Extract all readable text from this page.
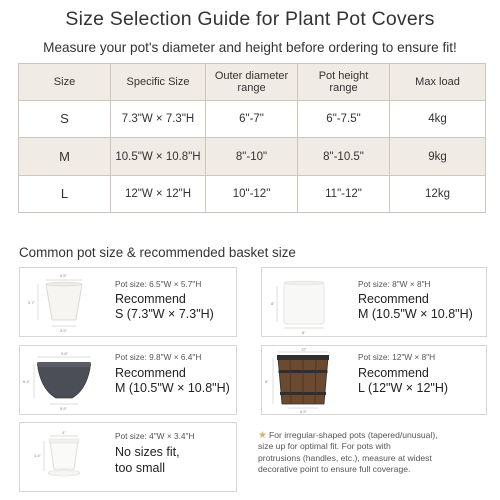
Size Selection Guide for Plant Pot Covers
Measure your pot's diameter and height before ordering to ensure fit!
Size	Specific Size	Outer diameter range	Pot height range	Max load
S	7.3"W × 7.3"H	6"-7"	6"-7.5"	4kg
M	10.5"W × 10.8"H	8"-10"	8"-10.5"	9kg
L	12"W × 12"H	10"-12"	11"-12"	12kg
Common pot size & recommended basket size
6.5"
5.7"
3.9"
Pot size: 6.5"W × 5.7"H
Recommend
S (7.3"W × 7.3"H)
8"
8"
Pot size: 8"W × 8"H
Recommend
M (10.5"W × 10.8"H)
9.8"
6.4"
5.9"
Pot size: 9.8"W × 6.4"H
Recommend
M (10.5"W × 10.8"H)
12"
8"
6.5"
Pot size: 12"W × 8"H
Recommend
L (12"W × 12"H)
4"
3.4"
Pot size: 4"W × 3.4"H
No sizes fit,
too small
★ For irregular-shaped pots (tapered/unusual),
size up for optimal fit. For pots with
protrusions (handles, etc.), measure at widest
decorative point to ensure full coverage.
